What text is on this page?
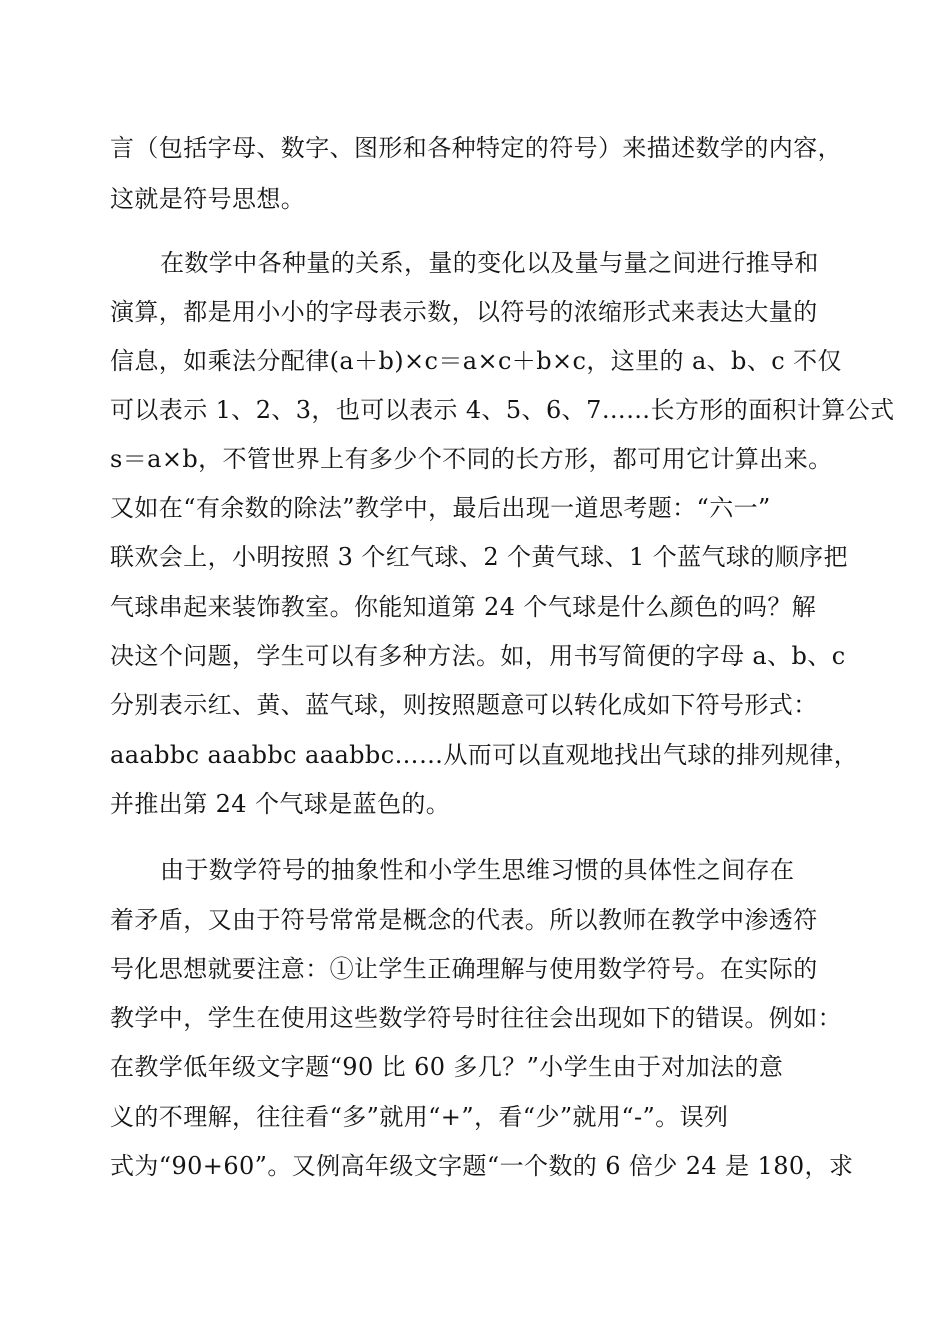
言（包括字母、数字、图形和各种特定的符号）来描述数学的内容，

这就是符号思想。

在数学中各种量的关系，量的变化以及量与量之间进行推导和

演算，都是用小小的字母表示数，以符号的浓缩形式来表达大量的

信息，如乘法分配律(a＋b)×c＝a×c＋b×c，这里的 a、b、c 不仅

可以表示 1、2、3，也可以表示 4、5、6、7……长方形的面积计算公式

s＝a×b，不管世界上有多少个不同的长方形，都可用它计算出来。

又如在“有余数的除法”教学中，最后出现一道思考题：“六一”

联欢会上，小明按照 3 个红气球、2 个黄气球、1 个蓝气球的顺序把

气球串起来装饰教室。你能知道第 24 个气球是什么颜色的吗？解

决这个问题，学生可以有多种方法。如，用书写简便的字母 a、b、c

分别表示红、黄、蓝气球，则按照题意可以转化成如下符号形式：

aaabbc aaabbc aaabbc……从而可以直观地找出气球的排列规律，

并推出第 24 个气球是蓝色的。

由于数学符号的抽象性和小学生思维习惯的具体性之间存在

着矛盾，又由于符号常常是概念的代表。所以教师在教学中渗透符

号化思想就要注意：①让学生正确理解与使用数学符号。在实际的

教学中，学生在使用这些数学符号时往往会出现如下的错误。例如：

在教学低年级文字题“90 比 60 多几？”小学生由于对加法的意

义的不理解，往往看“多”就用“+”，看“少”就用“-”。误列

式为“90+60”。又例高年级文字题“一个数的 6 倍少 24 是 180，求
